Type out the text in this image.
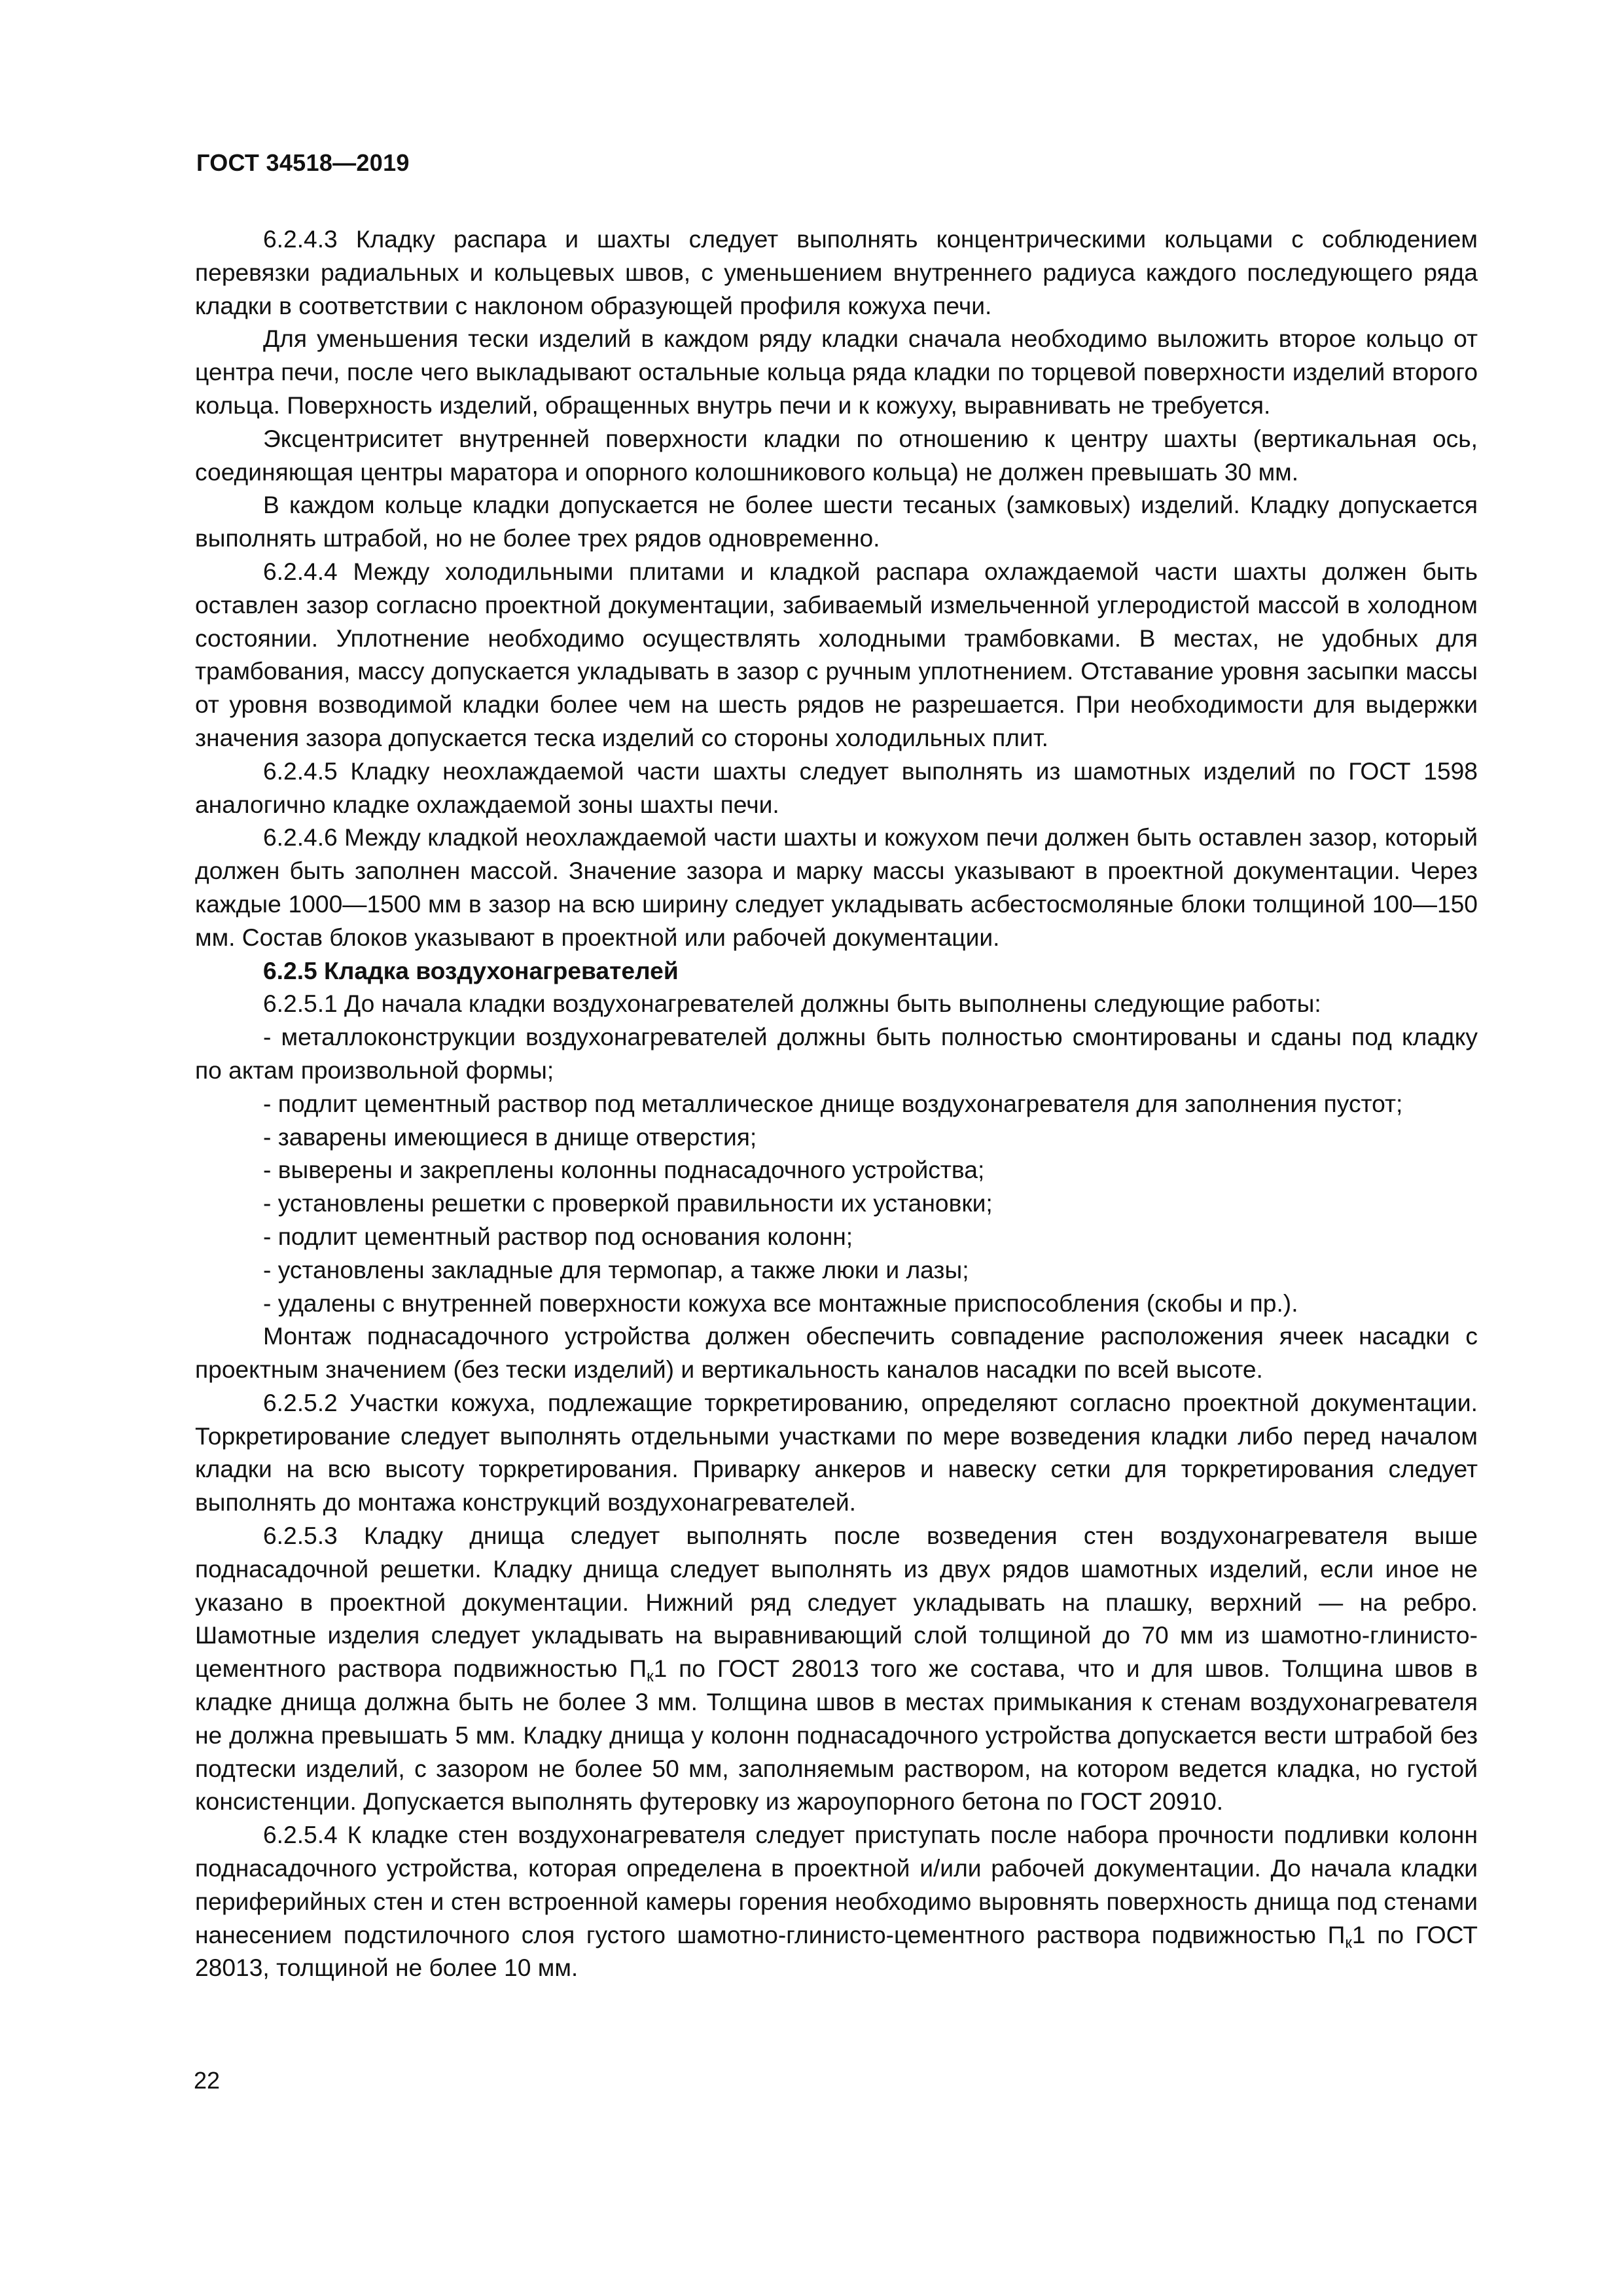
ГОСТ 34518—2019

6.2.4.3 Кладку распара и шахты следует выполнять концентрическими кольцами с соблюдением перевязки радиальных и кольцевых швов, с уменьшением внутреннего радиуса каждого последующего ряда кладки в соответствии с наклоном образующей профиля кожуха печи.

Для уменьшения тески изделий в каждом ряду кладки сначала необходимо выложить второе кольцо от центра печи, после чего выкладывают остальные кольца ряда кладки по торцевой поверхности изделий второго кольца. Поверхность изделий, обращенных внутрь печи и к кожуху, выравнивать не требуется.

Эксцентриситет внутренней поверхности кладки по отношению к центру шахты (вертикальная ось, соединяющая центры маратора и опорного колошникового кольца) не должен превышать 30 мм.

В каждом кольце кладки допускается не более шести тесаных (замковых) изделий. Кладку допускается выполнять штрабой, но не более трех рядов одновременно.

6.2.4.4 Между холодильными плитами и кладкой распара охлаждаемой части шахты должен быть оставлен зазор согласно проектной документации, забиваемый измельченной углеродистой массой в холодном состоянии. Уплотнение необходимо осуществлять холодными трамбовками. В местах, не удобных для трамбования, массу допускается укладывать в зазор с ручным уплотнением. Отставание уровня засыпки массы от уровня возводимой кладки более чем на шесть рядов не разрешается. При необходимости для выдержки значения зазора допускается теска изделий со стороны холодильных плит.

6.2.4.5 Кладку неохлаждаемой части шахты следует выполнять из шамотных изделий по ГОСТ 1598 аналогично кладке охлаждаемой зоны шахты печи.

6.2.4.6 Между кладкой неохлаждаемой части шахты и кожухом печи должен быть оставлен зазор, который должен быть заполнен массой. Значение зазора и марку массы указывают в проектной документации. Через каждые 1000—1500 мм в зазор на всю ширину следует укладывать асбестосмоляные блоки толщиной 100—150 мм. Состав блоков указывают в проектной или рабочей документации.

6.2.5 Кладка воздухонагревателей

6.2.5.1 До начала кладки воздухонагревателей должны быть выполнены следующие работы:

- металлоконструкции воздухонагревателей должны быть полностью смонтированы и сданы под кладку по актам произвольной формы;

- подлит цементный раствор под металлическое днище воздухонагревателя для заполнения пустот;

- заварены имеющиеся в днище отверстия;

- выверены и закреплены колонны поднасадочного устройства;

- установлены решетки с проверкой правильности их установки;

- подлит цементный раствор под основания колонн;

- установлены закладные для термопар, а также люки и лазы;

- удалены с внутренней поверхности кожуха все монтажные приспособления (скобы и пр.).

Монтаж поднасадочного устройства должен обеспечить совпадение расположения ячеек насадки с проектным значением (без тески изделий) и вертикальность каналов насадки по всей высоте.

6.2.5.2 Участки кожуха, подлежащие торкретированию, определяют согласно проектной документации. Торкретирование следует выполнять отдельными участками по мере возведения кладки либо перед началом кладки на всю высоту торкретирования. Приварку анкеров и навеску сетки для торкретирования следует выполнять до монтажа конструкций воздухонагревателей.

6.2.5.3 Кладку днища следует выполнять после возведения стен воздухонагревателя выше поднасадочной решетки. Кладку днища следует выполнять из двух рядов шамотных изделий, если иное не указано в проектной документации. Нижний ряд следует укладывать на плашку, верхний — на ребро. Шамотные изделия следует укладывать на выравнивающий слой толщиной до 70 мм из шамотно-глинисто-цементного раствора подвижностью $П_к1$ по ГОСТ 28013 того же состава, что и для швов. Толщина швов в кладке днища должна быть не более 3 мм. Толщина швов в местах примыкания к стенам воздухонагревателя не должна превышать 5 мм. Кладку днища у колонн поднасадочного устройства допускается вести штрабой без подтески изделий, с зазором не более 50 мм, заполняемым раствором, на котором ведется кладка, но густой консистенции. Допускается выполнять футеровку из жароупорного бетона по ГОСТ 20910.

6.2.5.4 К кладке стен воздухонагревателя следует приступать после набора прочности подливки колонн поднасадочного устройства, которая определена в проектной и/или рабочей документации. До начала кладки периферийных стен и стен встроенной камеры горения необходимо выровнять поверхность днища под стенами нанесением подстилочного слоя густого шамотно-глинисто-цементного раствора подвижностью $П_к1$ по ГОСТ 28013, толщиной не более 10 мм.

22
